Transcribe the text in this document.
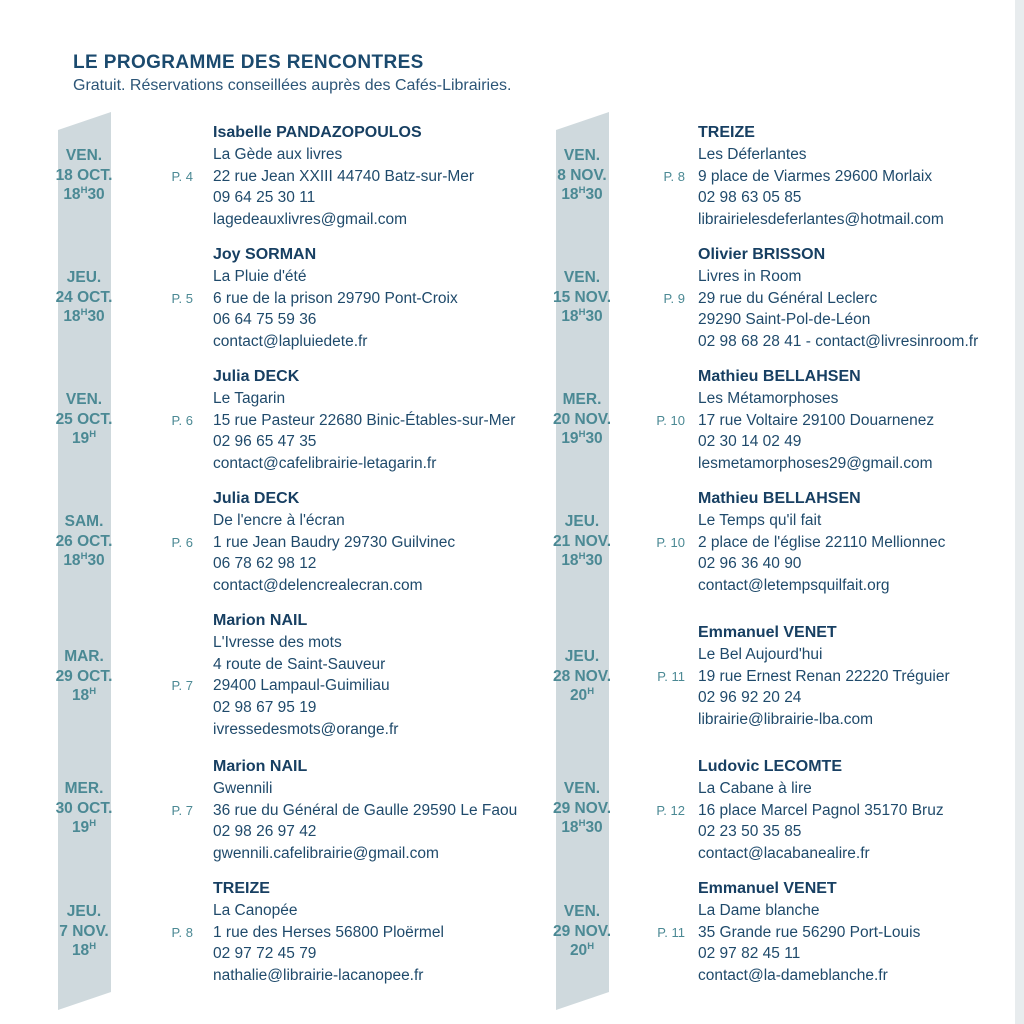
LE PROGRAMME DES RENCONTRES
Gratuit. Réservations conseillées auprès des Cafés-Librairies.
VEN.
18 OCT.
$18^H30$
P. 4
Isabelle PANDAZOPOULOS
La Gède aux livres
22 rue Jean XXIII 44740 Batz-sur-Mer
09 64 25 30 11
lagedeauxlivres@gmail.com
JEU.
24 OCT.
$18^H30$
P. 5
Joy SORMAN
La Pluie d'été
6 rue de la prison 29790 Pont-Croix
06 64 75 59 36
contact@lapluiedete.fr
VEN.
25 OCT.
$19^H$
P. 6
Julia DECK
Le Tagarin
15 rue Pasteur 22680 Binic-Étables-sur-Mer
02 96 65 47 35
contact@cafelibrairie-letagarin.fr
SAM.
26 OCT.
$18^H30$
P. 6
Julia DECK
De l'encre à l'écran
1 rue Jean Baudry 29730 Guilvinec
06 78 62 98 12
contact@delencrealecran.com
MAR.
29 OCT.
$18^H$	P. 7
Marion NAIL
L'Ivresse des mots
4 route de Saint-Sauveur
29400 Lampaul-Guimiliau
02 98 67 95 19
ivressedesmots@orange.fr
MER.
30 OCT.
$19^H$
P. 7
Marion NAIL
Gwennili
36 rue du Général de Gaulle 29590 Le Faou
02 98 26 97 42
gwennili.cafelibrairie@gmail.com
JEU.
7 NOV.
$18^H$
P. 8
TREIZE
La Canopée
1 rue des Herses 56800 Ploërmel
02 97 72 45 79
nathalie@librairie-lacanopee.fr
VEN.
8 NOV.
$18^H30$
P. 8
TREIZE
Les Déferlantes
9 place de Viarmes 29600 Morlaix
02 98 63 05 85
librairielesdeferlantes@hotmail.com
VEN.
15 NOV.
$18^H30$
P. 9
Olivier BRISSON
Livres in Room
29 rue du Général Leclerc
29290 Saint-Pol-de-Léon
02 98 68 28 41 - contact@livresinroom.fr
MER.
20 NOV.
$19^H30$
P. 10
Mathieu BELLAHSEN
Les Métamorphoses
17 rue Voltaire 29100 Douarnenez
02 30 14 02 49
lesmetamorphoses29@gmail.com
JEU.
21 NOV.
$18^H30$
P. 10
Mathieu BELLAHSEN
Le Temps qu'il fait
2 place de l'église 22110 Mellionnec
02 96 36 40 90
contact@letempsquilfait.org
JEU.
28 NOV.
$20^H$
P. 11
Emmanuel VENET
Le Bel Aujourd'hui
19 rue Ernest Renan 22220 Tréguier
02 96 92 20 24
librairie@librairie-lba.com
VEN.
29 NOV.
$18^H30$
P. 12
Ludovic LECOMTE
La Cabane à lire
16 place Marcel Pagnol 35170 Bruz
02 23 50 35 85
contact@lacabanealire.fr
VEN.
29 NOV.
$20^H$
P. 11
Emmanuel VENET
La Dame blanche
35 Grande rue 56290 Port-Louis
02 97 82 45 11
contact@la-dameblanche.fr
